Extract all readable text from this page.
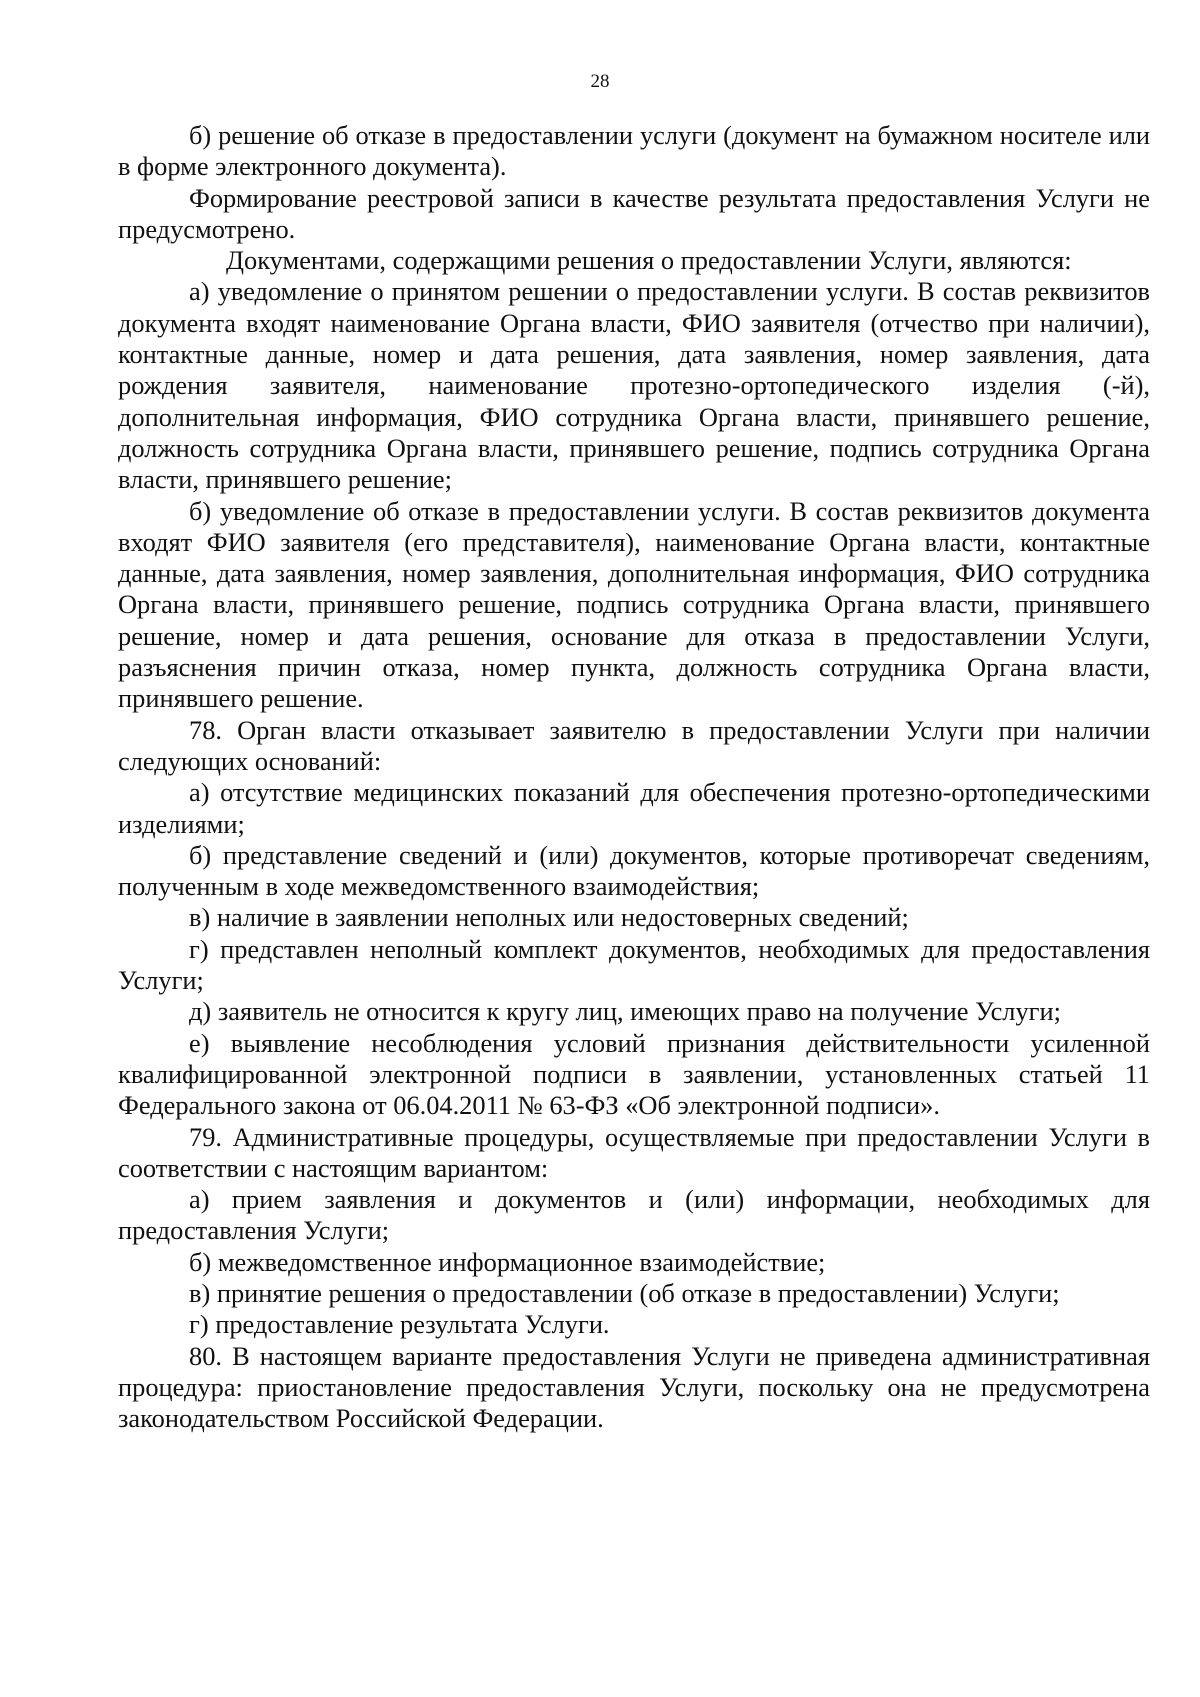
28

б) решение об отказе в предоставлении услуги (документ на бумажном носителе или в форме электронного документа).

Формирование реестровой записи в качестве результата предоставления Услуги не предусмотрено.

Документами, содержащими решения о предоставлении Услуги, являются:

а) уведомление о принятом решении о предоставлении услуги. В состав реквизитов документа входят наименование Органа власти, ФИО заявителя (отчество при наличии), контактные данные, номер и дата решения, дата заявления, номер заявления, дата рождения заявителя, наименование протезно-ортопедического изделия (-й), дополнительная информация, ФИО сотрудника Органа власти, принявшего решение, должность сотрудника Органа власти, принявшего решение, подпись сотрудника Органа власти, принявшего решение;

б) уведомление об отказе в предоставлении услуги. В состав реквизитов документа входят ФИО заявителя (его представителя), наименование Органа власти, контактные данные, дата заявления, номер заявления, дополнительная информация, ФИО сотрудника Органа власти, принявшего решение, подпись сотрудника Органа власти, принявшего решение, номер и дата решения, основание для отказа в предоставлении Услуги, разъяснения причин отказа, номер пункта, должность сотрудника Органа власти, принявшего решение.

78. Орган власти отказывает заявителю в предоставлении Услуги при наличии следующих оснований:

а) отсутствие медицинских показаний для обеспечения протезно-ортопедическими изделиями;

б) представление сведений и (или) документов, которые противоречат сведениям, полученным в ходе межведомственного взаимодействия;

в) наличие в заявлении неполных или недостоверных сведений;

г) представлен неполный комплект документов, необходимых для предоставления Услуги;

д) заявитель не относится к кругу лиц, имеющих право на получение Услуги;

е) выявление несоблюдения условий признания действительности усиленной квалифицированной электронной подписи в заявлении, установленных статьей 11 Федерального закона от 06.04.2011 № 63-ФЗ «Об электронной подписи».

79. Административные процедуры, осуществляемые при предоставлении Услуги в соответствии с настоящим вариантом:

а) прием заявления и документов и (или) информации, необходимых для предоставления Услуги;

б) межведомственное информационное взаимодействие;

в) принятие решения о предоставлении (об отказе в предоставлении) Услуги;

г) предоставление результата Услуги.

80. В настоящем варианте предоставления Услуги не приведена административная процедура: приостановление предоставления Услуги, поскольку она не предусмотрена законодательством Российской Федерации.
